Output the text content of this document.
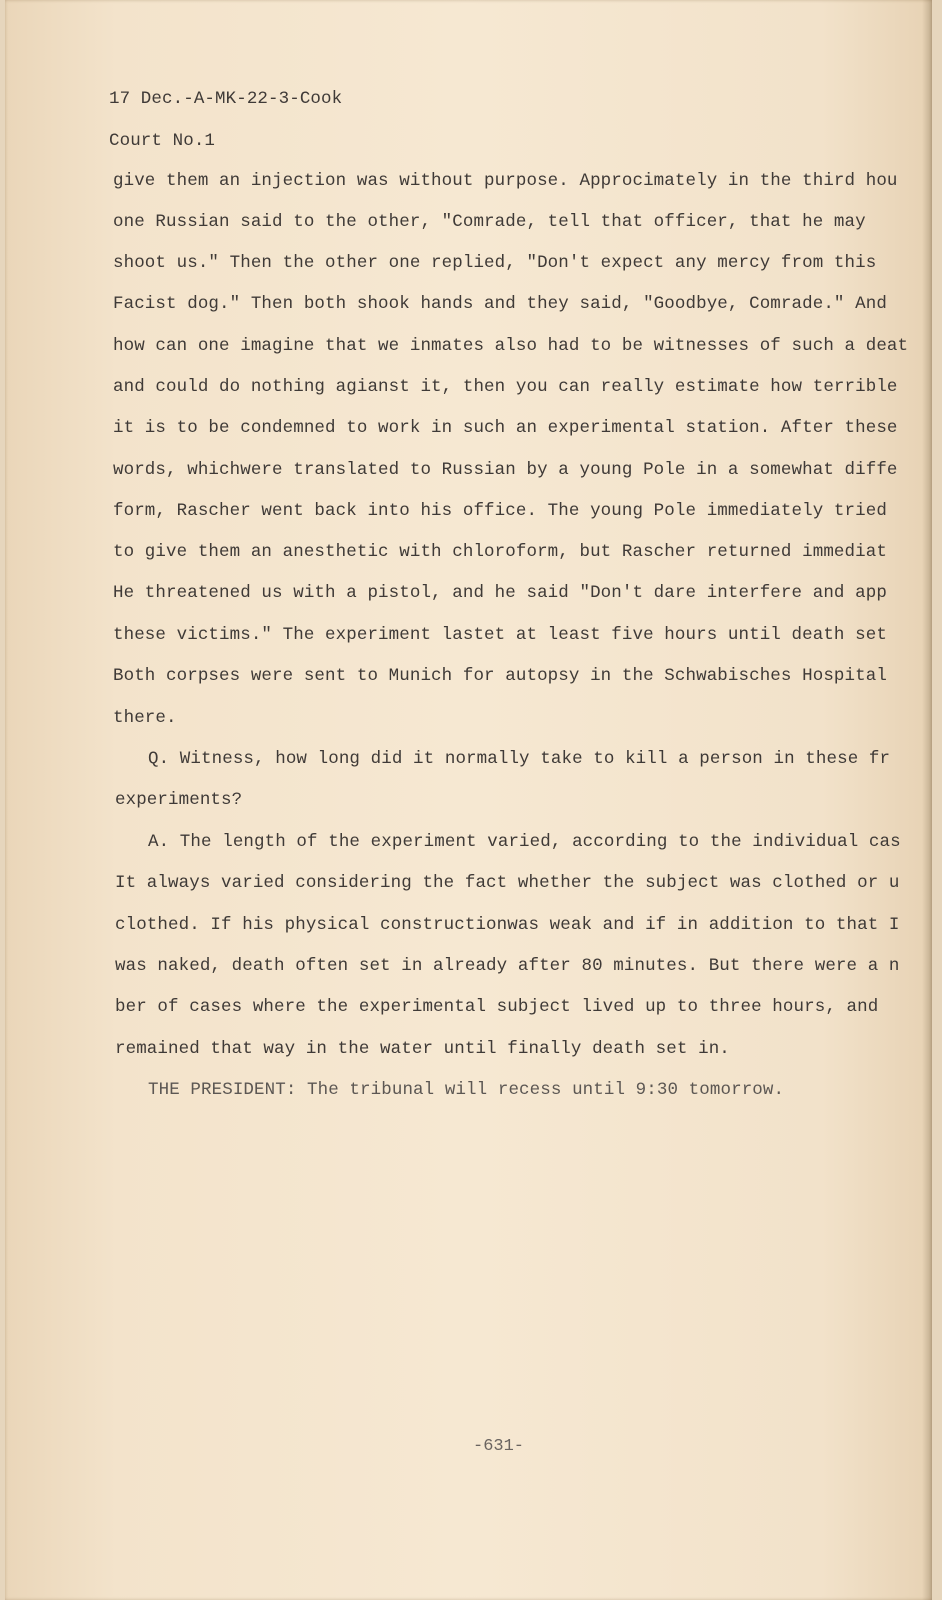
17 Dec.-A-MK-22-3-Cook
Court No.1
give them an injection was without purpose. Approcimately in the third hou
one Russian said to the other, "Comrade, tell that officer, that he may
shoot us." Then the other one replied, "Don't expect any mercy from this
Facist dog." Then both shook hands and they said, "Goodbye, Comrade." And
how can one imagine that we inmates also had to be witnesses of such a deat
and could do nothing agianst it, then you can really estimate how terrible
it is to be condemned to work in such an experimental station. After these
words, whichwere translated to Russian by a young Pole in a somewhat diffe
form, Rascher went back into his office. The young Pole immediately tried
to give them an anesthetic with chloroform, but Rascher returned immediat
He threatened us with a pistol, and he said "Don't dare interfere and app
these victims." The experiment lastet at least five hours until death set
Both corpses were sent to Munich for autopsy in the Schwabisches Hospital
there.
Q. Witness, how long did it normally take to kill a person in these fr
experiments?
A. The length of the experiment varied, according to the individual cas
It always varied considering the fact whether the subject was clothed or u
clothed. If his physical constructionwas weak and if in addition to that I
was naked, death often set in already after 80 minutes. But there were a n
ber of cases where the experimental subject lived up to three hours, and
remained that way in the water until finally death set in.
THE PRESIDENT: The tribunal will recess until 9:30 tomorrow.
-631-
